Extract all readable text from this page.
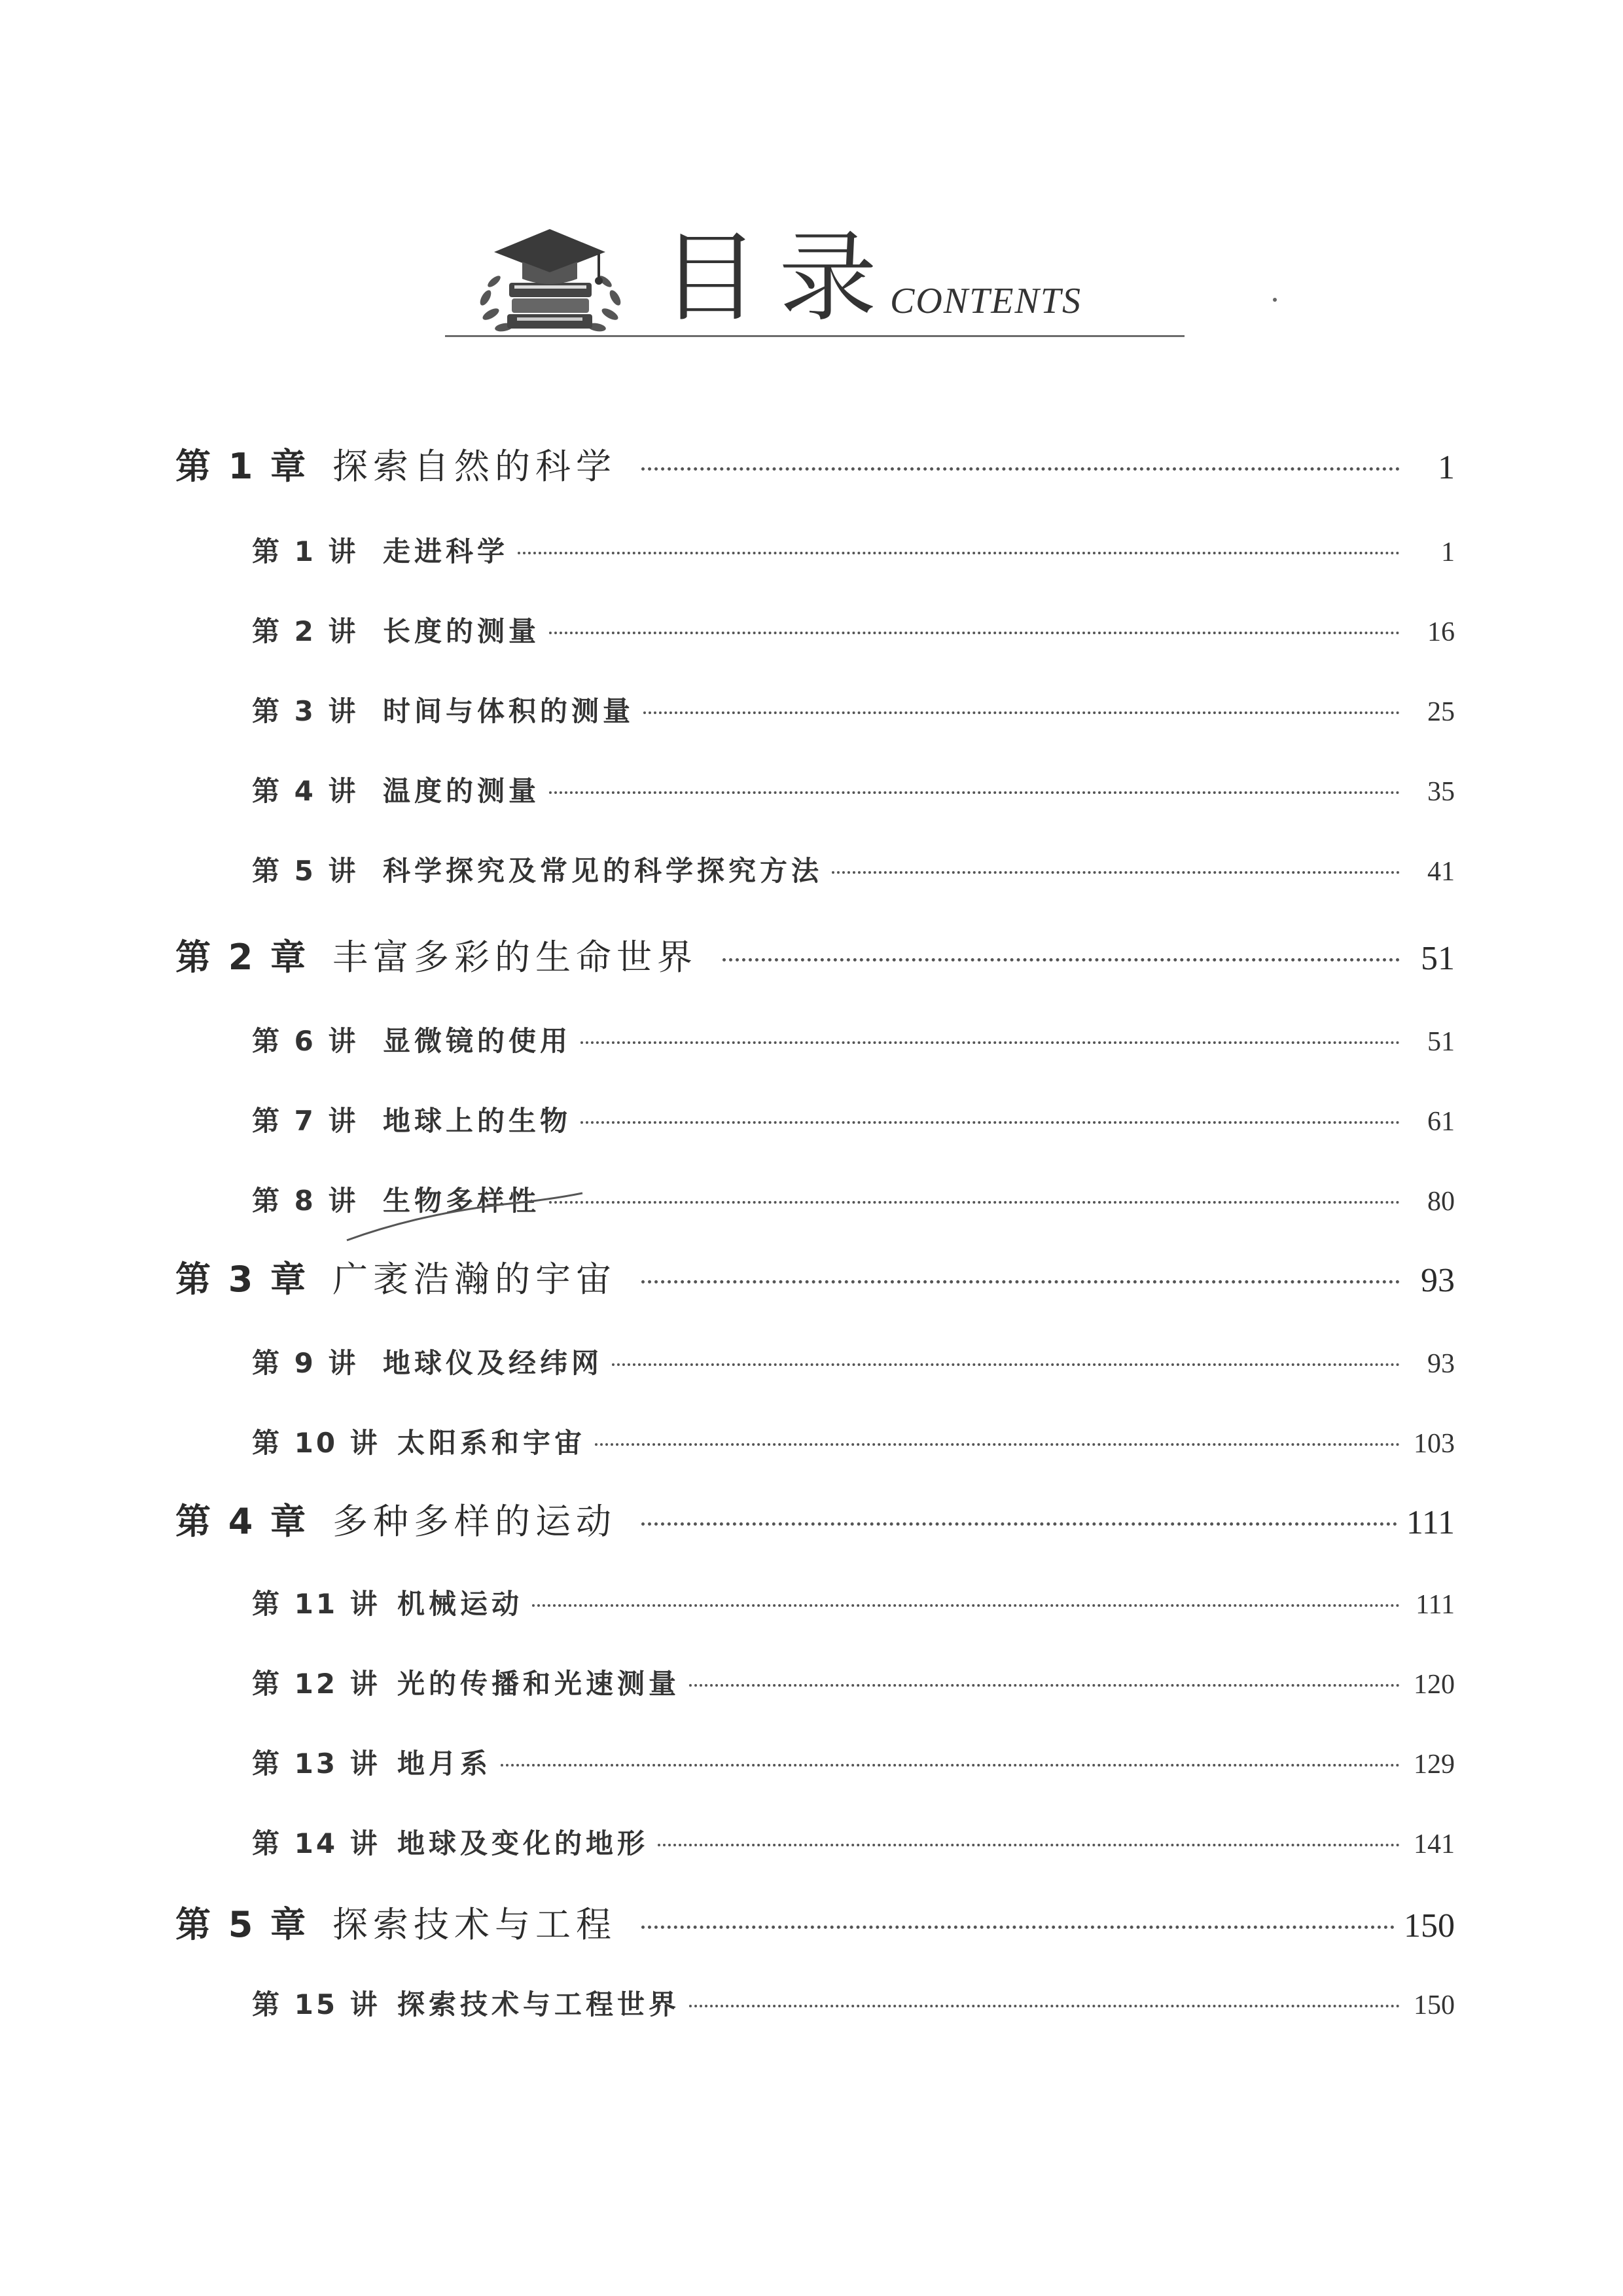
目录
CONTENTS
第 1 章 探索自然的科学	1
第 1 讲 走进科学	1
第 2 讲 长度的测量	16
第 3 讲 时间与体积的测量	25
第 4 讲 温度的测量	35
第 5 讲 科学探究及常见的科学探究方法	41
第 2 章 丰富多彩的生命世界	51
第 6 讲 显微镜的使用	51
第 7 讲 地球上的生物	61
第 8 讲 生物多样性	80
第 3 章 广袤浩瀚的宇宙	93
第 9 讲 地球仪及经纬网	93
第 10 讲 太阳系和宇宙	103
第 4 章 多种多样的运动	111
第 11 讲 机械运动	111
第 12 讲 光的传播和光速测量	120
第 13 讲 地月系	129
第 14 讲 地球及变化的地形	141
第 5 章 探索技术与工程	150
第 15 讲 探索技术与工程世界	150
